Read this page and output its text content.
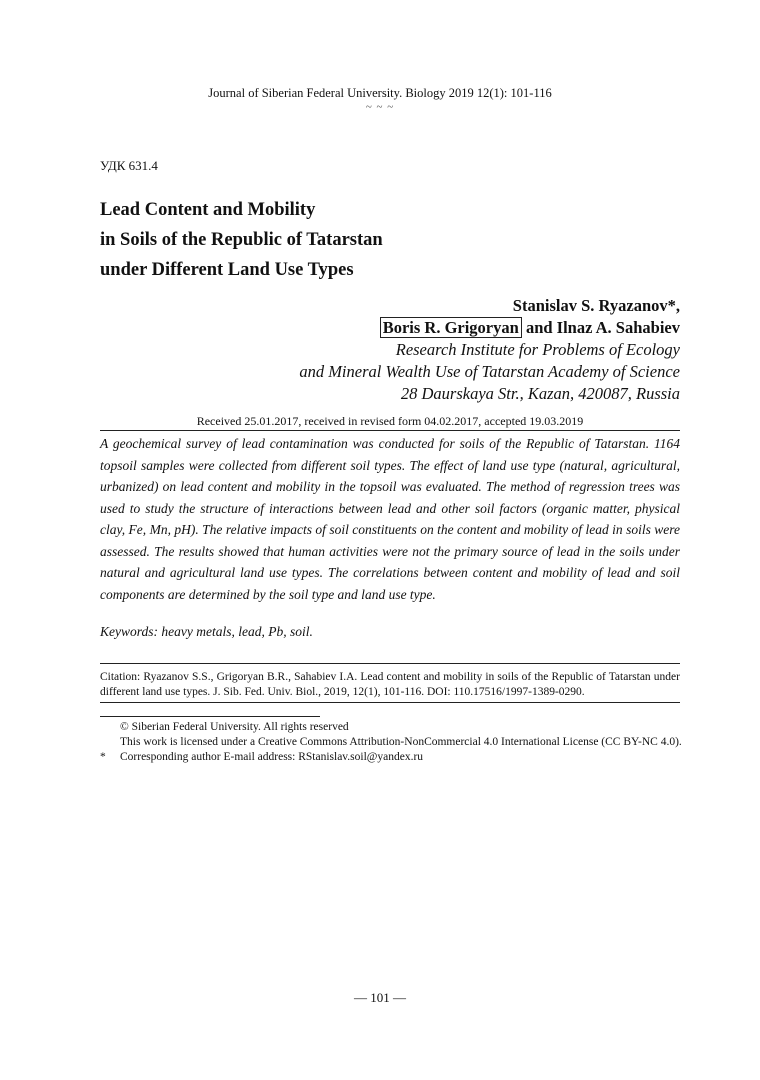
Journal of Siberian Federal University. Biology 2019 12(1): 101-116
~ ~ ~
УДК 631.4
Lead Content and Mobility
in Soils of the Republic of Tatarstan
under Different Land Use Types
Stanislav S. Ryazanov*,
Boris R. Grigoryan and Ilnaz A. Sahabiev
Research Institute for Problems of Ecology
and Mineral Wealth Use of Tatarstan Academy of Science
28 Daurskaya Str., Kazan, 420087, Russia
Received 25.01.2017, received in revised form 04.02.2017, accepted 19.03.2019
A geochemical survey of lead contamination was conducted for soils of the Republic of Tatarstan. 1164 topsoil samples were collected from different soil types. The effect of land use type (natural, agricultural, urbanized) on lead content and mobility in the topsoil was evaluated. The method of regression trees was used to study the structure of interactions between lead and other soil factors (organic matter, physical clay, Fe, Mn, pH). The relative impacts of soil constituents on the content and mobility of lead in soils were assessed. The results showed that human activities were not the primary source of lead in the soils under natural and agricultural land use types. The correlations between content and mobility of lead and soil components are determined by the soil type and land use type.
Keywords: heavy metals, lead, Pb, soil.
Citation: Ryazanov S.S., Grigoryan B.R., Sahabiev I.A. Lead content and mobility in soils of the Republic of Tatarstan under different land use types. J. Sib. Fed. Univ. Biol., 2019, 12(1), 101-116. DOI: 110.17516/1997-1389-0290.
© Siberian Federal University. All rights reserved
This work is licensed under a Creative Commons Attribution-NonCommercial 4.0 International License (CC BY-NC 4.0).
*	Corresponding author E-mail address: RStanislav.soil@yandex.ru
— 101 —
